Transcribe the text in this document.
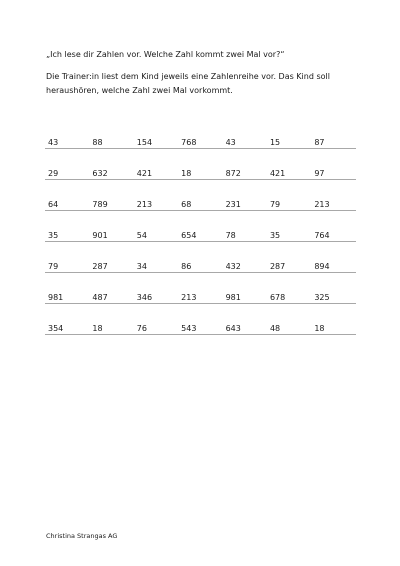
„Ich lese dir Zahlen vor. Welche Zahl kommt zwei Mal vor?“
Die Trainer:in liest dem Kind jeweils eine Zahlenreihe vor. Das Kind soll heraushören, welche Zahl zwei Mal vorkommt.
43	88	154	768	43	15	87
29	632	421	18	872	421	97
64	789	213	68	231	79	213
35	901	54	654	78	35	764
79	287	34	86	432	287	894
981	487	346	213	981	678	325
354	18	76	543	643	48	18
Christina Strangas AG
